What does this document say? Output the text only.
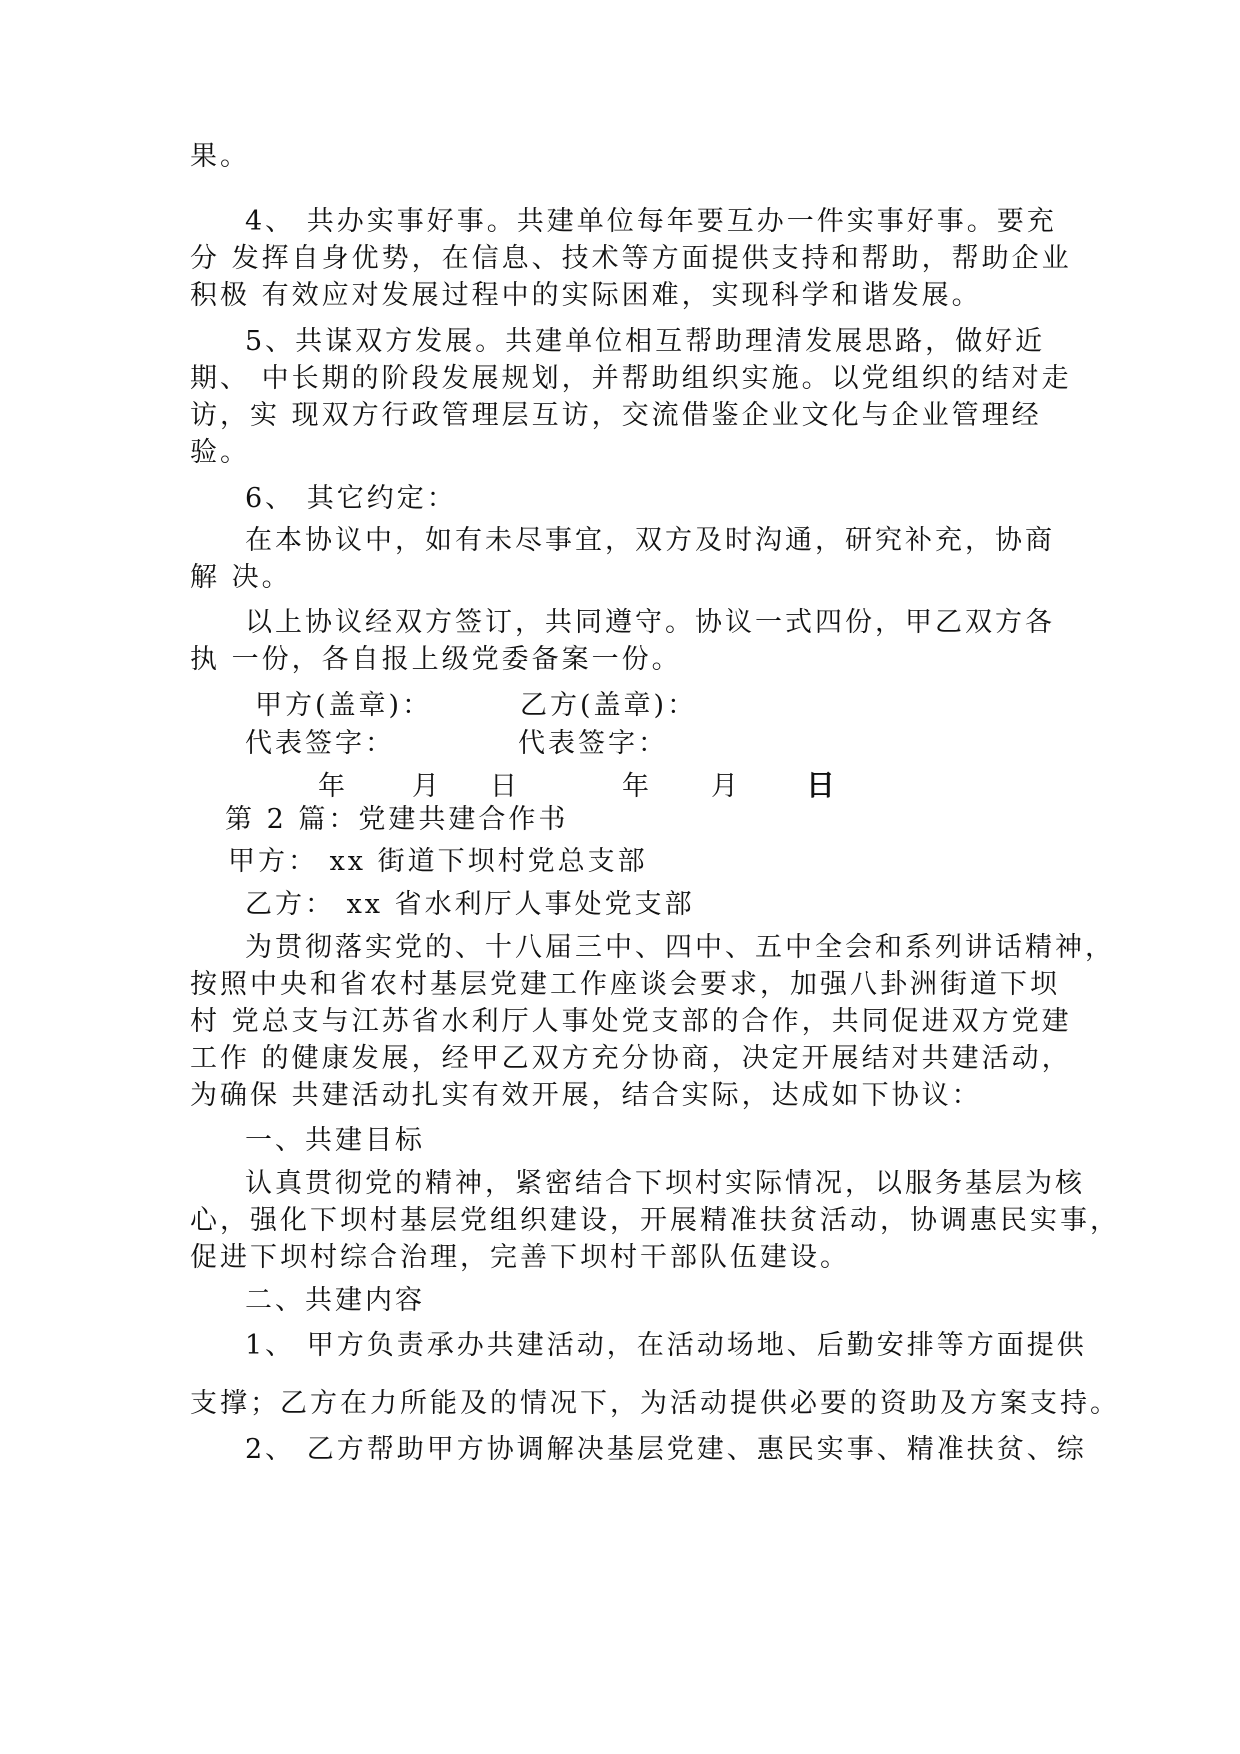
果。
4、 共办实事好事。共建单位每年要互办一件实事好事。要充
分 发挥自身优势，在信息、技术等方面提供支持和帮助，帮助企业
积极 有效应对发展过程中的实际困难，实现科学和谐发展。
5、共谋双方发展。共建单位相互帮助理清发展思路，做好近
期、 中长期的阶段发展规划，并帮助组织实施。以党组织的结对走
访，实 现双方行政管理层互访，交流借鉴企业文化与企业管理经
验。
6、 其它约定：
在本协议中，如有未尽事宜，双方及时沟通，研究补充，协商
解 决。
以上协议经双方签订，共同遵守。协议一式四份，甲乙双方各
执 一份，各自报上级党委备案一份。
甲方(盖章)：	乙方(盖章)：
代表签字：	代表签字：
年 月 日	年 月 日
第 2 篇：党建共建合作书
甲方： xx 街道下坝村党总支部
乙方： xx 省水利厅人事处党支部
为贯彻落实党的、十八届三中、四中、五中全会和系列讲话精神，
按照中央和省农村基层党建工作座谈会要求，加强八卦洲街道下坝
村 党总支与江苏省水利厅人事处党支部的合作，共同促进双方党建
工作 的健康发展，经甲乙双方充分协商，决定开展结对共建活动，
为确保 共建活动扎实有效开展，结合实际，达成如下协议：
一、共建目标
认真贯彻党的精神，紧密结合下坝村实际情况，以服务基层为核
心，强化下坝村基层党组织建设，开展精准扶贫活动，协调惠民实事，
促进下坝村综合治理，完善下坝村干部队伍建设。
二、共建内容
1、 甲方负责承办共建活动，在活动场地、后勤安排等方面提供
支撑；乙方在力所能及的情况下，为活动提供必要的资助及方案支持。
2、 乙方帮助甲方协调解决基层党建、惠民实事、精准扶贫、综
